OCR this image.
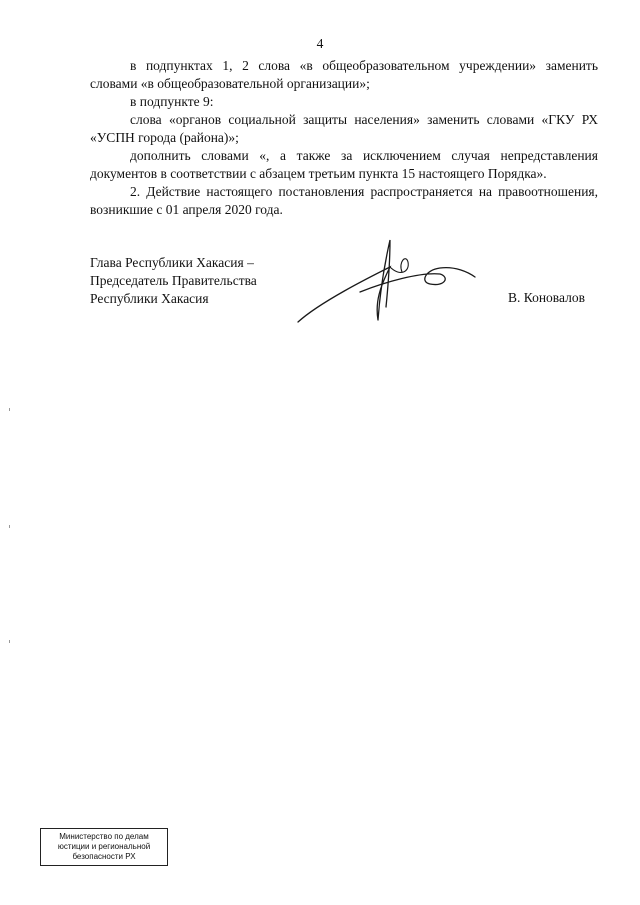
4

в подпунктах 1, 2 слова «в общеобразовательном учреждении» заменить словами «в общеобразовательной организации»;

в подпункте 9:

слова «органов социальной защиты населения» заменить словами «ГКУ РХ «УСПН города (района)»;

дополнить словами «, а также за исключением случая непредставления документов в соответствии с абзацем третьим пункта 15 настоящего Порядка».

2. Действие настоящего постановления распространяется на правоотношения, возникшие с 01 апреля 2020 года.

Глава Республики Хакасия –
Председатель Правительства
Республики Хакасия	В. Коновалов
Министерство по делам
юстиции и региональной
безопасности РХ
